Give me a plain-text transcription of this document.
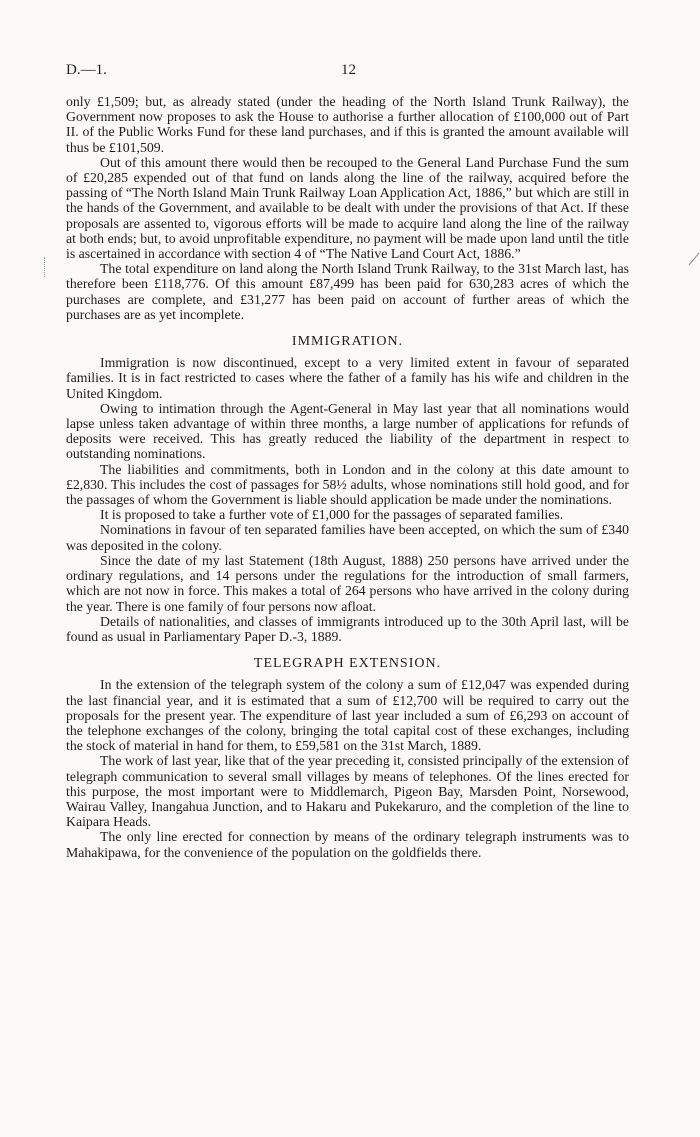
D.—1.	12

only £1,509; but, as already stated (under the heading of the North Island Trunk Railway), the Government now proposes to ask the House to authorise a further allocation of £100,000 out of Part II. of the Public Works Fund for these land purchases, and if this is granted the amount available will thus be £101,509.

Out of this amount there would then be recouped to the General Land Purchase Fund the sum of £20,285 expended out of that fund on lands along the line of the railway, acquired before the passing of “The North Island Main Trunk Railway Loan Application Act, 1886,” but which are still in the hands of the Government, and available to be dealt with under the provisions of that Act. If these proposals are assented to, vigorous efforts will be made to acquire land along the line of the railway at both ends; but, to avoid unprofitable expenditure, no payment will be made upon land until the title is ascertained in accordance with section 4 of “The Native Land Court Act, 1886.”

The total expenditure on land along the North Island Trunk Railway, to the 31st March last, has therefore been £118,776. Of this amount £87,499 has been paid for 630,283 acres of which the purchases are complete, and £31,277 has been paid on account of further areas of which the purchases are as yet incomplete.

IMMIGRATION.

Immigration is now discontinued, except to a very limited extent in favour of separated families. It is in fact restricted to cases where the father of a family has his wife and children in the United Kingdom.

Owing to intimation through the Agent-General in May last year that all nominations would lapse unless taken advantage of within three months, a large number of applications for refunds of deposits were received. This has greatly reduced the liability of the department in respect to outstanding nominations.

The liabilities and commitments, both in London and in the colony at this date amount to £2,830. This includes the cost of passages for 58½ adults, whose nominations still hold good, and for the passages of whom the Government is liable should application be made under the nominations.

It is proposed to take a further vote of £1,000 for the passages of separated families.

Nominations in favour of ten separated families have been accepted, on which the sum of £340 was deposited in the colony.

Since the date of my last Statement (18th August, 1888) 250 persons have arrived under the ordinary regulations, and 14 persons under the regulations for the introduction of small farmers, which are not now in force. This makes a total of 264 persons who have arrived in the colony during the year. There is one family of four persons now afloat.

Details of nationalities, and classes of immigrants introduced up to the 30th April last, will be found as usual in Parliamentary Paper D.-3, 1889.

TELEGRAPH EXTENSION.

In the extension of the telegraph system of the colony a sum of £12,047 was expended during the last financial year, and it is estimated that a sum of £12,700 will be required to carry out the proposals for the present year. The expenditure of last year included a sum of £6,293 on account of the telephone exchanges of the colony, bringing the total capital cost of these exchanges, including the stock of material in hand for them, to £59,581 on the 31st March, 1889.

The work of last year, like that of the year preceding it, consisted principally of the extension of telegraph communication to several small villages by means of telephones. Of the lines erected for this purpose, the most important were to Middlemarch, Pigeon Bay, Marsden Point, Norsewood, Wairau Valley, Inangahua Junction, and to Hakaru and Pukekaruro, and the completion of the line to Kaipara Heads.

The only line erected for connection by means of the ordinary telegraph instruments was to Mahakipawa, for the convenience of the population on the goldfields there.
